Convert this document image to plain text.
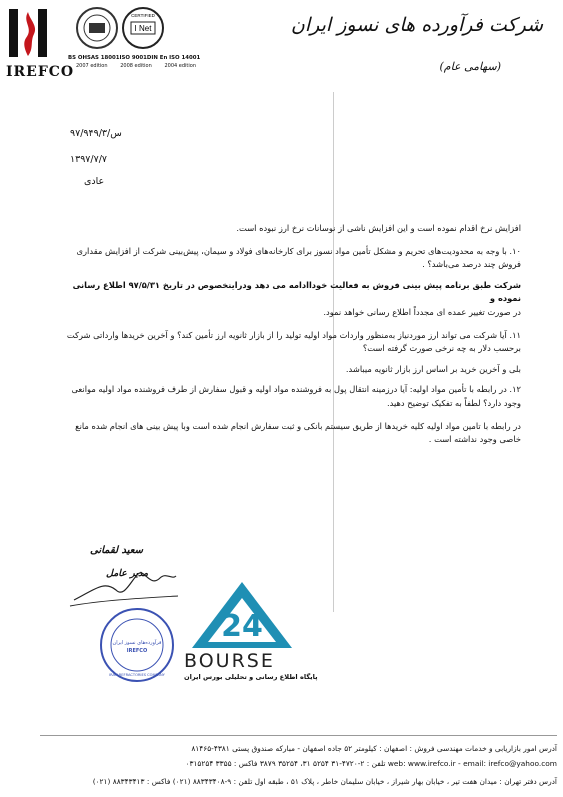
IREFCO
I Net
CERTIFIED
BS OHSAS 18001 ISO 9001 DIN En ISO 14001
2007 edition	2008 edition	2004 edition
شرکت فرآورده های نسوز ایران
(سهامی عام)
۹۷/۹۴۹/۳/س
۱۳۹۷/۷/۷
عادی

افزایش نرخ اقدام نموده است و این افزایش ناشی از نوسانات نرخ ارز نبوده است.

۱۰. با وجه به محدودیت‌های تحریم و مشکل تأمین مواد نسوز برای کارخانه‌های فولاد و سیمان، پیش‌بینی شرکت از افزایش مقداری فروش چند درصد می‌باشد؟ .

شرکت طبق برنامه پیش بینی فروش به فعالیت خوداادامه می دهد ودراینخصوص در تاریخ ۹۷/۵/۳۱ اطلاع رسانی نموده و

در صورت تغییر عمده ای مجدداً اطلاع رسانی خواهد نمود.

۱۱. آیا شرکت می تواند ارز موردنیاز به‌منظور واردات مواد اولیه تولید را از بازار ثانویه ارز تأمین کند؟ و آخرین خریدها وارداتی شرکت برحسب دلار به چه نرخی صورت گرفته است؟

بلی و آخرین خرید بر اساس ارز بازار ثانویه میباشد.

۱۲. در رابطه با تأمین مواد اولیه: آیا درزمینه انتقال پول به فروشنده مواد اولیه و قبول سفارش از طرف فروشنده مواد اولیه موانعی وجود دارد؟ لطفاً به تفکیک توضیح دهید.

در رابطه با تامین مواد اولیه کلیه خریدها از طریق سیستم بانکی و ثبت سفارش انجام شده است وبا پیش بینی های انجام شده مانع خاصی وجود نداشته است .

سعید لقمانی
مدیر عامل
فرآورده‌های نسوز ایران
IREFCO
IRAN REFRACTORIES COMPANY
24
BOURSE
پایگاه اطلاع رسانی و تحلیلی بورس ایران
آدرس امور بازاریابی و خدمات مهندسی فروش : اصفهان : کیلومتر ۵۲ جاده اصفهان - مبارکه صندوق پستی ۴۳۸۱-۸۱۴۶۵
web: www.irefco.ir - email: irefco@yahoo.com تلفن : ۲-۴۷۲۰-۳۱ ۵۲۵۴ ۳۱، ۳۵۲۵۴ ۳۸۷۹ فاکس : ۳۳۵۵ ۰۳۱۵۲۵۴
آدرس دفتر تهران : میدان هفت تیر ، خیابان بهار شیراز ، خیابان سلیمان خاطر ، پلاک ۵۱ ، طبقه اول تلفن : ۹-۸۸۳۴۳۴۰۸ (۰۲۱) فاکس : ۸۸۳۴۳۴۱۳ (۰۲۱)
